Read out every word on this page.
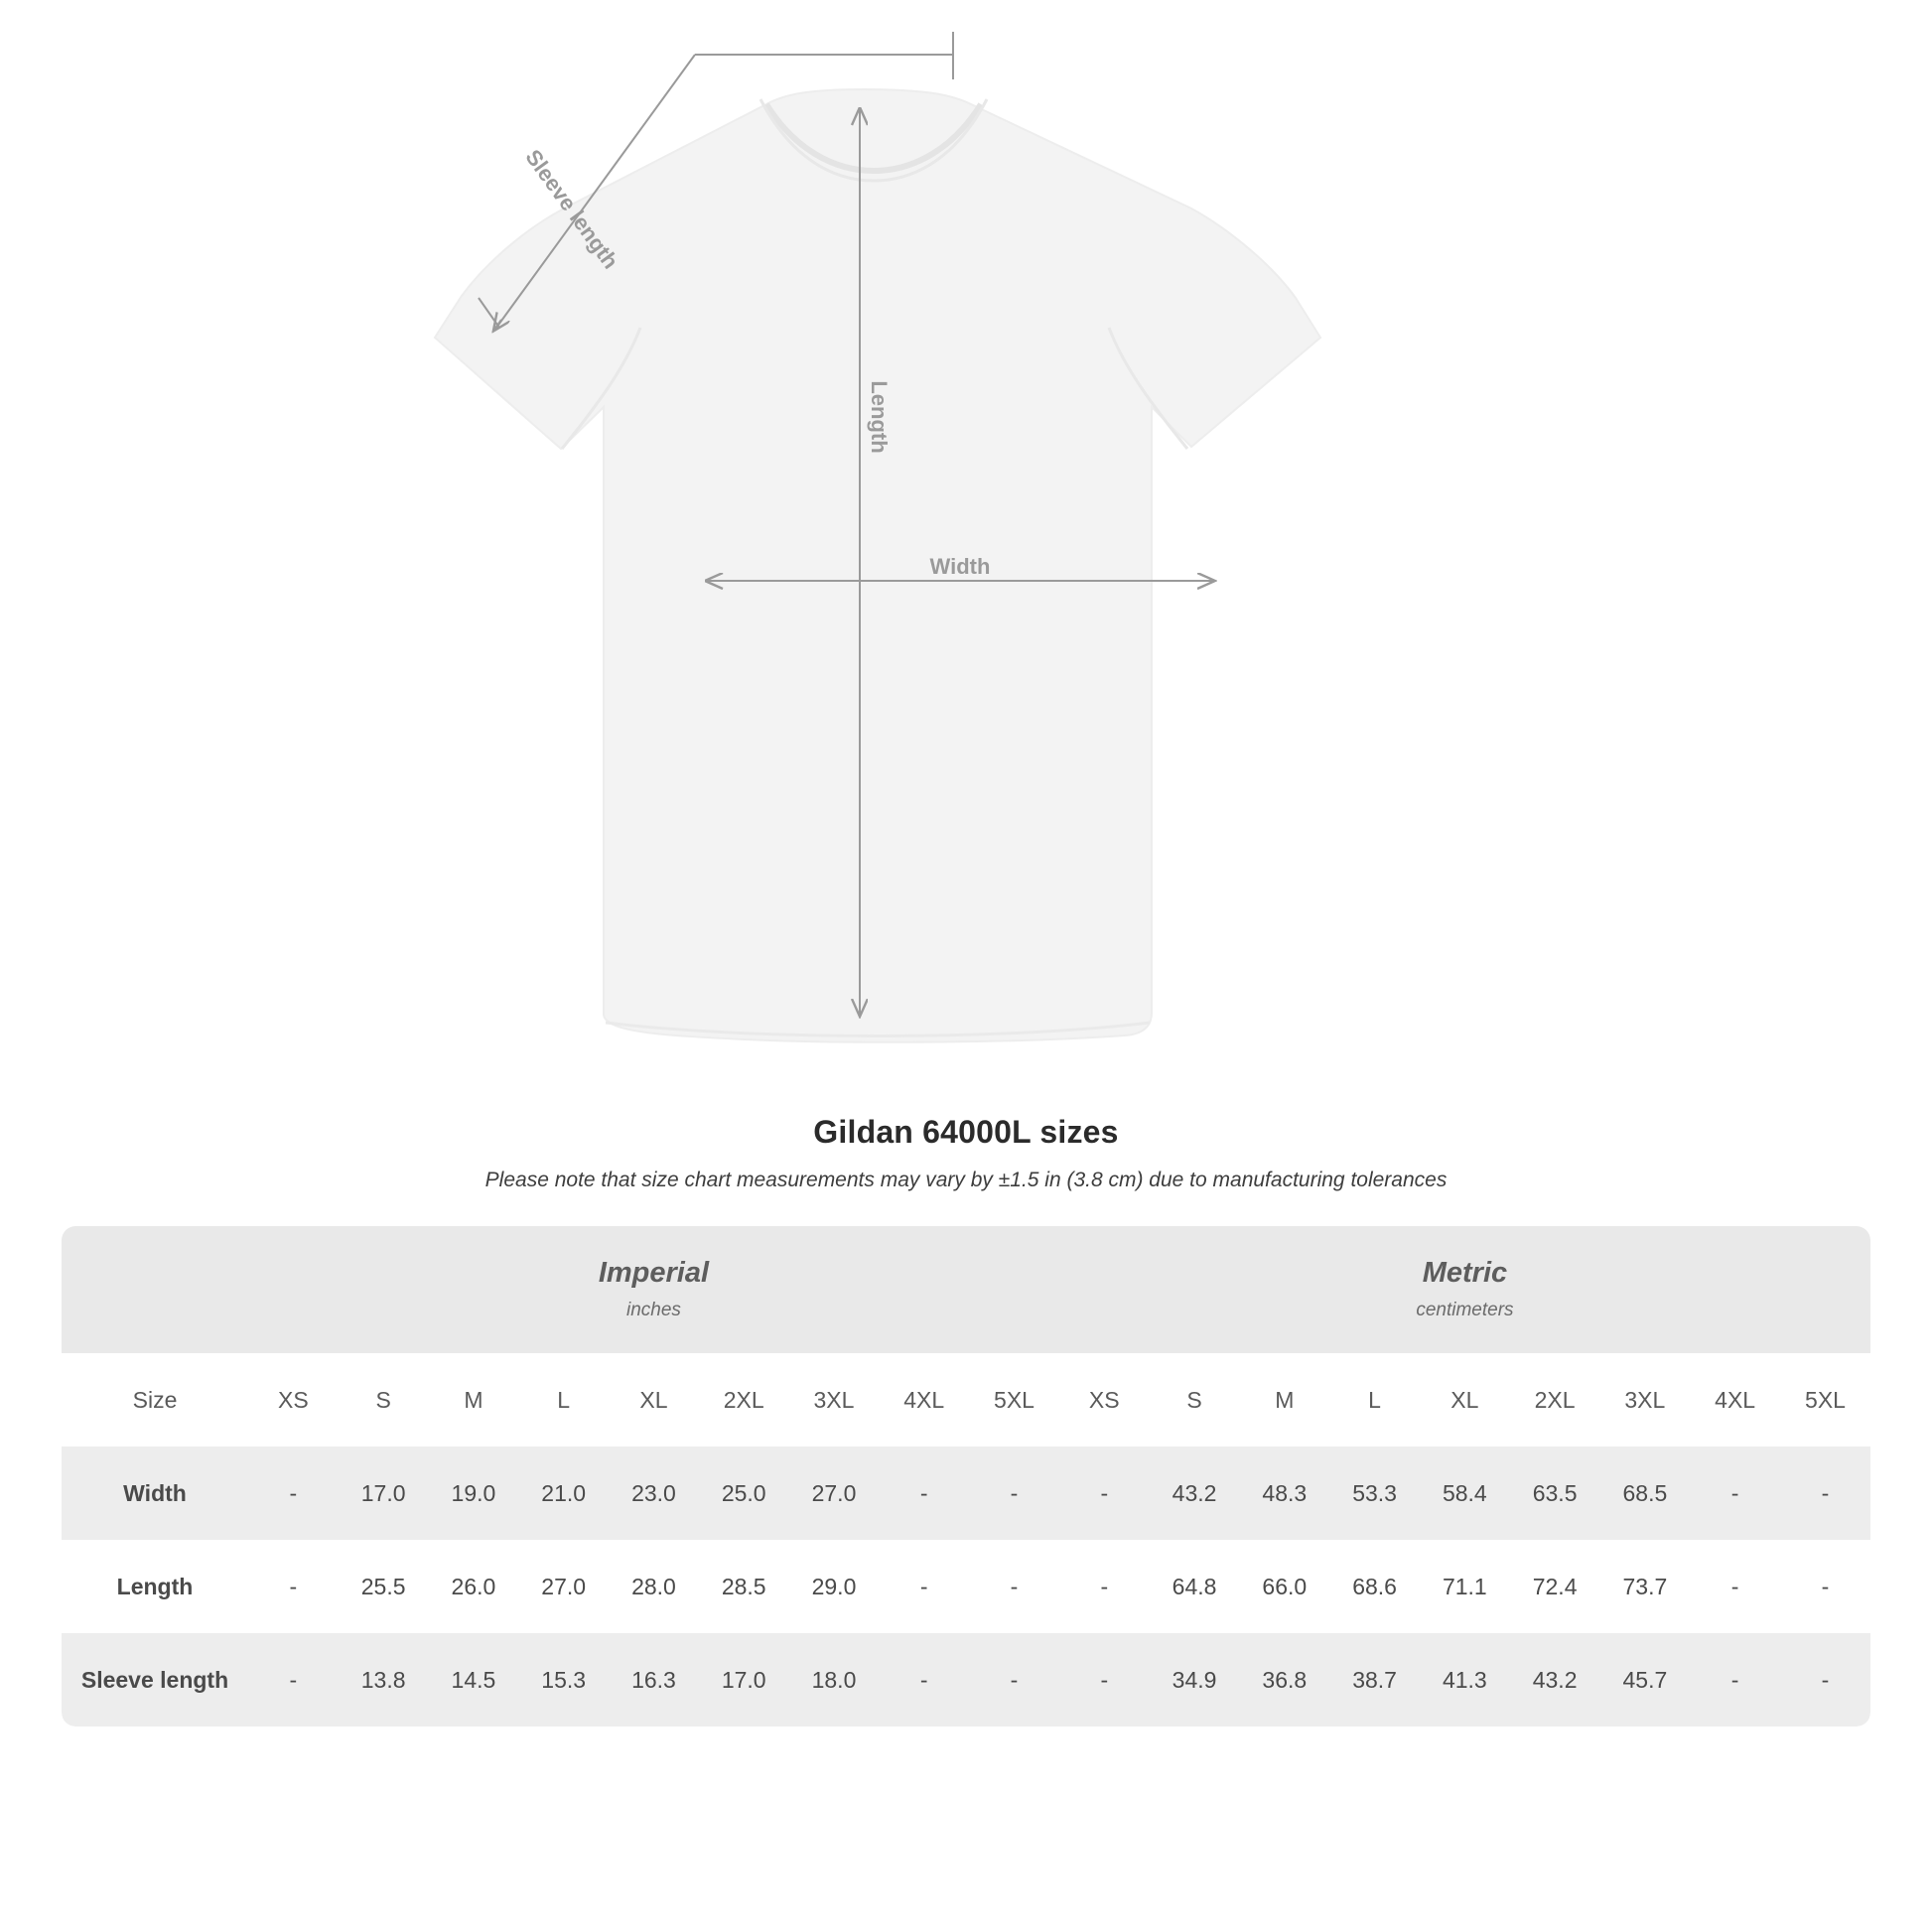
Length
Width
Sleeve length
Gildan 64000L sizes
Please note that size chart measurements may vary by ±1.5 in (3.8 cm) due to manufacturing tolerances

Imperial
inches

Metric
centimeters

Size	XS	S	M	L	XL	2XL	3XL	4XL	5XL	XS	S	M	L	XL	2XL	3XL	4XL	5XL
Width	-	17.0	19.0	21.0	23.0	25.0	27.0	-	-	-	43.2	48.3	53.3	58.4	63.5	68.5	-	-
Length	-	25.5	26.0	27.0	28.0	28.5	29.0	-	-	-	64.8	66.0	68.6	71.1	72.4	73.7	-	-
Sleeve length	-	13.8	14.5	15.3	16.3	17.0	18.0	-	-	-	34.9	36.8	38.7	41.3	43.2	45.7	-	-
